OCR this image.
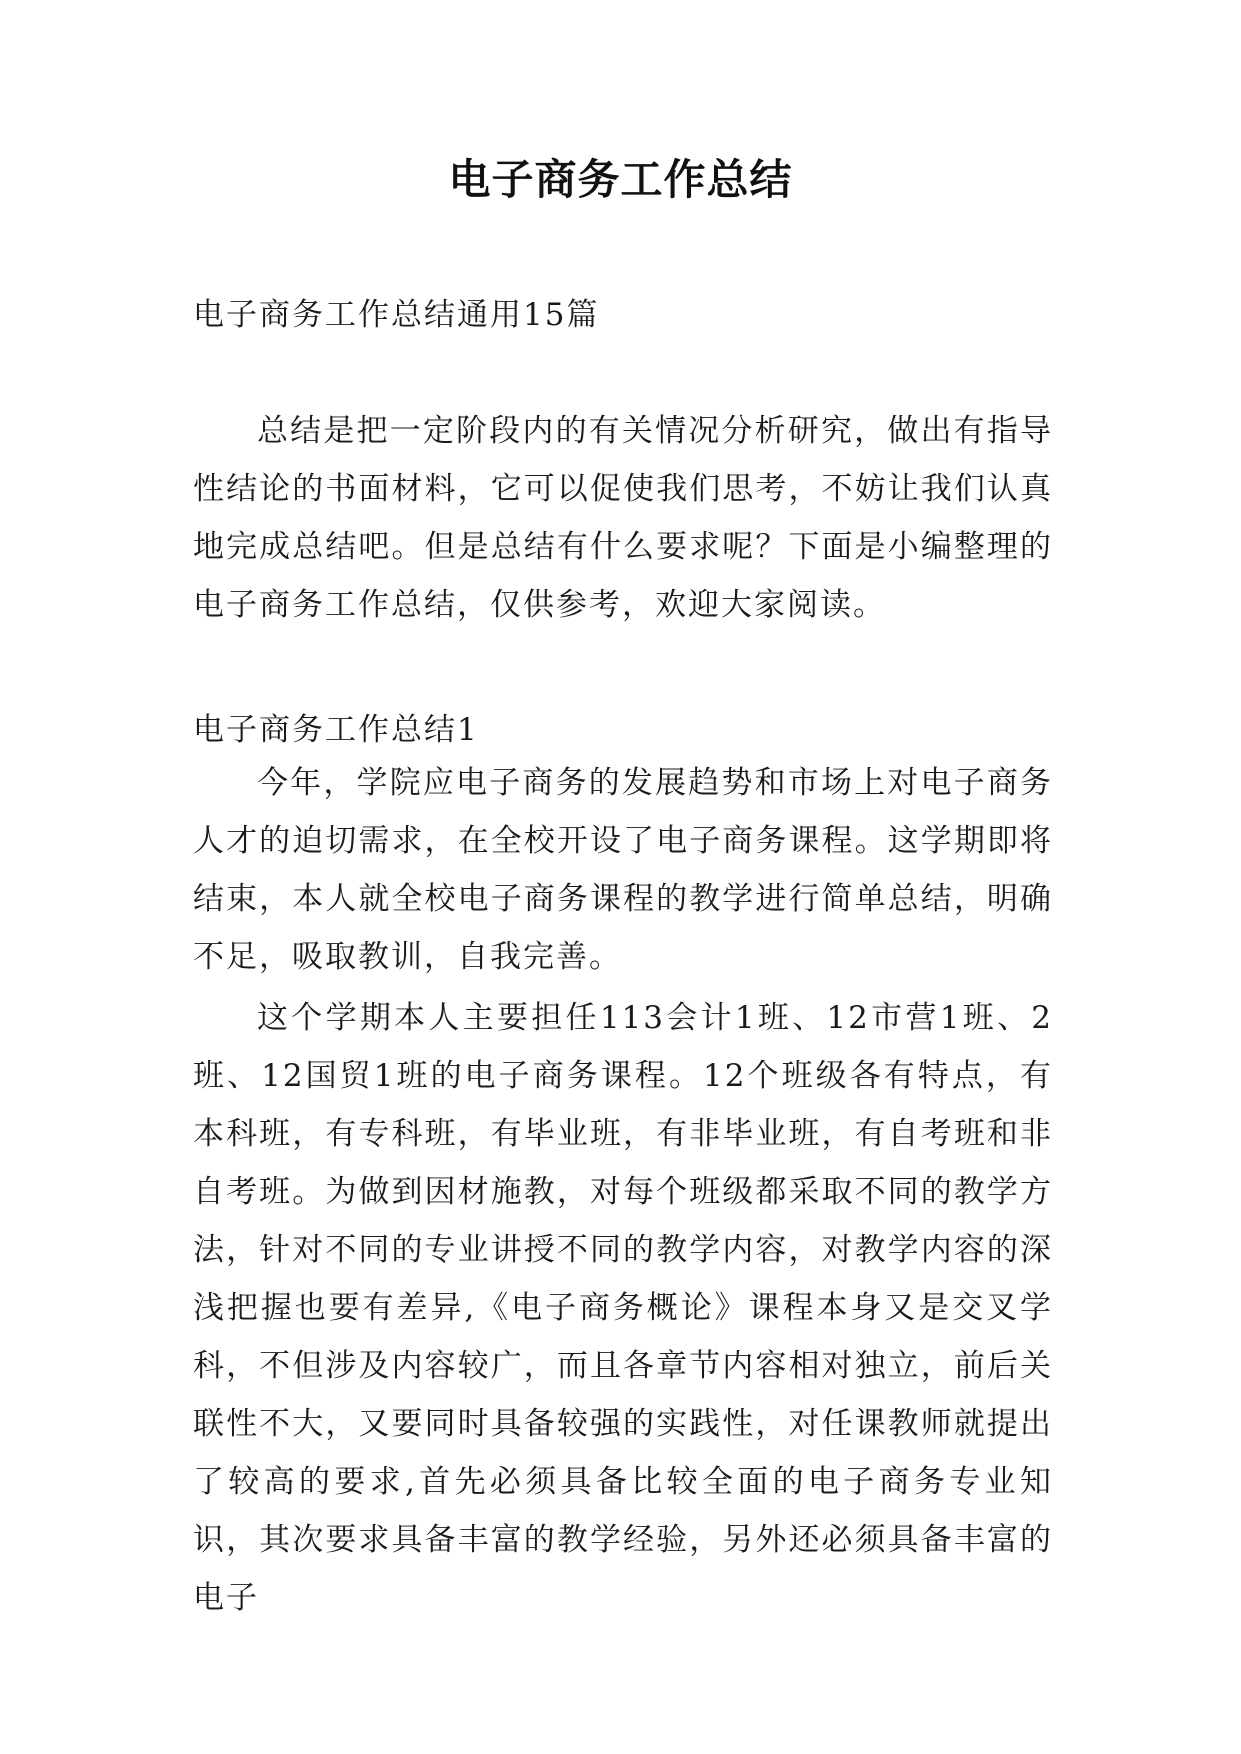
电子商务工作总结

电子商务工作总结通用15篇

总结是把一定阶段内的有关情况分析研究，做出有指导性结论的书面材料，它可以促使我们思考，不妨让我们认真地完成总结吧。但是总结有什么要求呢？下面是小编整理的电子商务工作总结，仅供参考，欢迎大家阅读。

电子商务工作总结1

今年，学院应电子商务的发展趋势和市场上对电子商务人才的迫切需求，在全校开设了电子商务课程。这学期即将结束，本人就全校电子商务课程的教学进行简单总结，明确不足，吸取教训，自我完善。

这个学期本人主要担任113会计1班、12市营1班、2班、12国贸1班的电子商务课程。12个班级各有特点，有本科班，有专科班，有毕业班，有非毕业班，有自考班和非自考班。为做到因材施教，对每个班级都采取不同的教学方法，针对不同的专业讲授不同的教学内容，对教学内容的深浅把握也要有差异,《电子商务概论》课程本身又是交叉学科，不但涉及内容较广，而且各章节内容相对独立，前后关联性不大，又要同时具备较强的实践性，对任课教师就提出了较高的要求,首先必须具备比较全面的电子商务专业知识，其次要求具备丰富的教学经验，另外还必须具备丰富的电子
